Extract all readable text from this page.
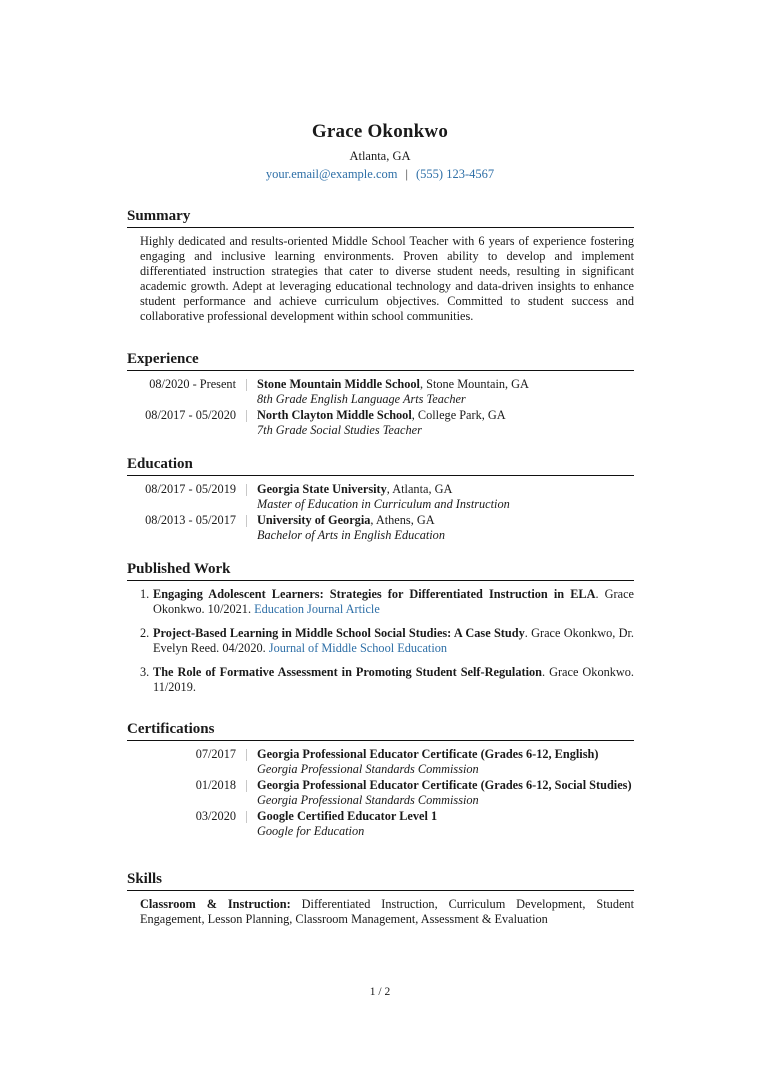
Grace Okonkwo
Atlanta, GA
your.email@example.com | (555) 123-4567
Summary
Highly dedicated and results-oriented Middle School Teacher with 6 years of experience fostering engaging and inclusive learning environments. Proven ability to develop and implement differentiated instruction strategies that cater to diverse student needs, resulting in significant academic growth. Adept at leveraging educational technology and data-driven insights to enhance student performance and achieve curriculum objectives. Committed to student success and collaborative professional development within school communities.
Experience
08/2020 - Present	Stone Mountain Middle School, Stone Mountain, GA
8th Grade English Language Arts Teacher
08/2017 - 05/2020	North Clayton Middle School, College Park, GA
7th Grade Social Studies Teacher
Education
08/2017 - 05/2019	Georgia State University, Atlanta, GA
Master of Education in Curriculum and Instruction
08/2013 - 05/2017	University of Georgia, Athens, GA
Bachelor of Arts in English Education
Published Work
1. Engaging Adolescent Learners: Strategies for Differentiated Instruction in ELA. Grace Okonkwo. 10/2021. Education Journal Article
2. Project-Based Learning in Middle School Social Studies: A Case Study. Grace Okonkwo, Dr. Evelyn Reed. 04/2020. Journal of Middle School Education
3. The Role of Formative Assessment in Promoting Student Self-Regulation. Grace Okonkwo. 11/2019.
Certifications
07/2017	Georgia Professional Educator Certificate (Grades 6-12, English)
Georgia Professional Standards Commission
01/2018	Georgia Professional Educator Certificate (Grades 6-12, Social Studies)
Georgia Professional Standards Commission
03/2020	Google Certified Educator Level 1
Google for Education
Skills
Classroom & Instruction: Differentiated Instruction, Curriculum Development, Student Engagement, Lesson Planning, Classroom Management, Assessment & Evaluation
1 / 2
